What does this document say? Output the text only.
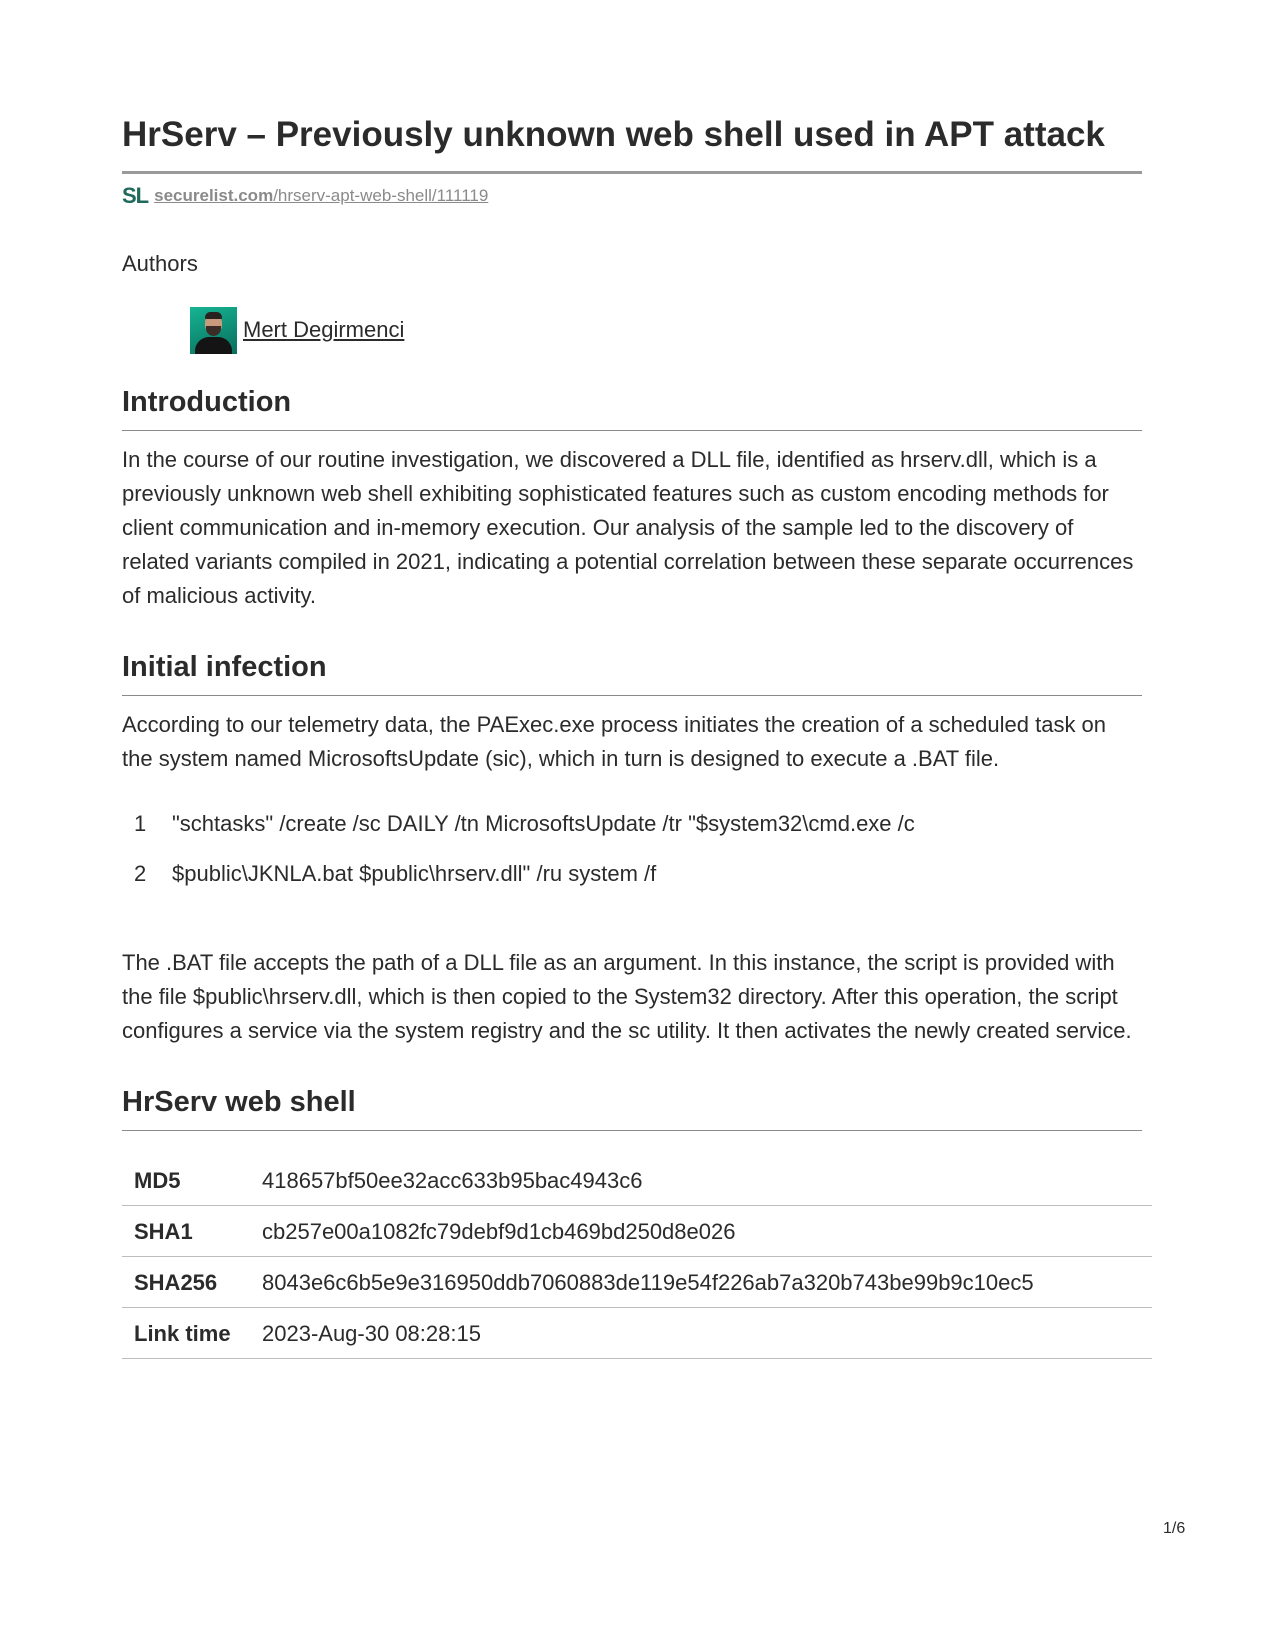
HrServ – Previously unknown web shell used in APT attack
SL securelist.com/hrserv-apt-web-shell/111119
Authors
Mert Degirmenci
Introduction

In the course of our routine investigation, we discovered a DLL file, identified as hrserv.dll, which is a previously unknown web shell exhibiting sophisticated features such as custom encoding methods for client communication and in-memory execution. Our analysis of the sample led to the discovery of related variants compiled in 2021, indicating a potential correlation between these separate occurrences of malicious activity.

Initial infection

According to our telemetry data, the PAExec.exe process initiates the creation of a scheduled task on the system named MicrosoftsUpdate (sic), which in turn is designed to execute a .BAT file.

1	"schtasks" /create /sc DAILY /tn MicrosoftsUpdate /tr "$system32\cmd.exe /c
2	$public\JKNLA.bat $public\hrserv.dll" /ru system /f

The .BAT file accepts the path of a DLL file as an argument. In this instance, the script is provided with the file $public\hrserv.dll, which is then copied to the System32 directory. After this operation, the script configures a service via the system registry and the sc utility. It then activates the newly created service.

HrServ web shell
MD5	418657bf50ee32acc633b95bac4943c6
SHA1	cb257e00a1082fc79debf9d1cb469bd250d8e026
SHA256	8043e6c6b5e9e316950ddb7060883de119e54f226ab7a320b743be99b9c10ec5
Link time	2023-Aug-30 08:28:15
1/6
